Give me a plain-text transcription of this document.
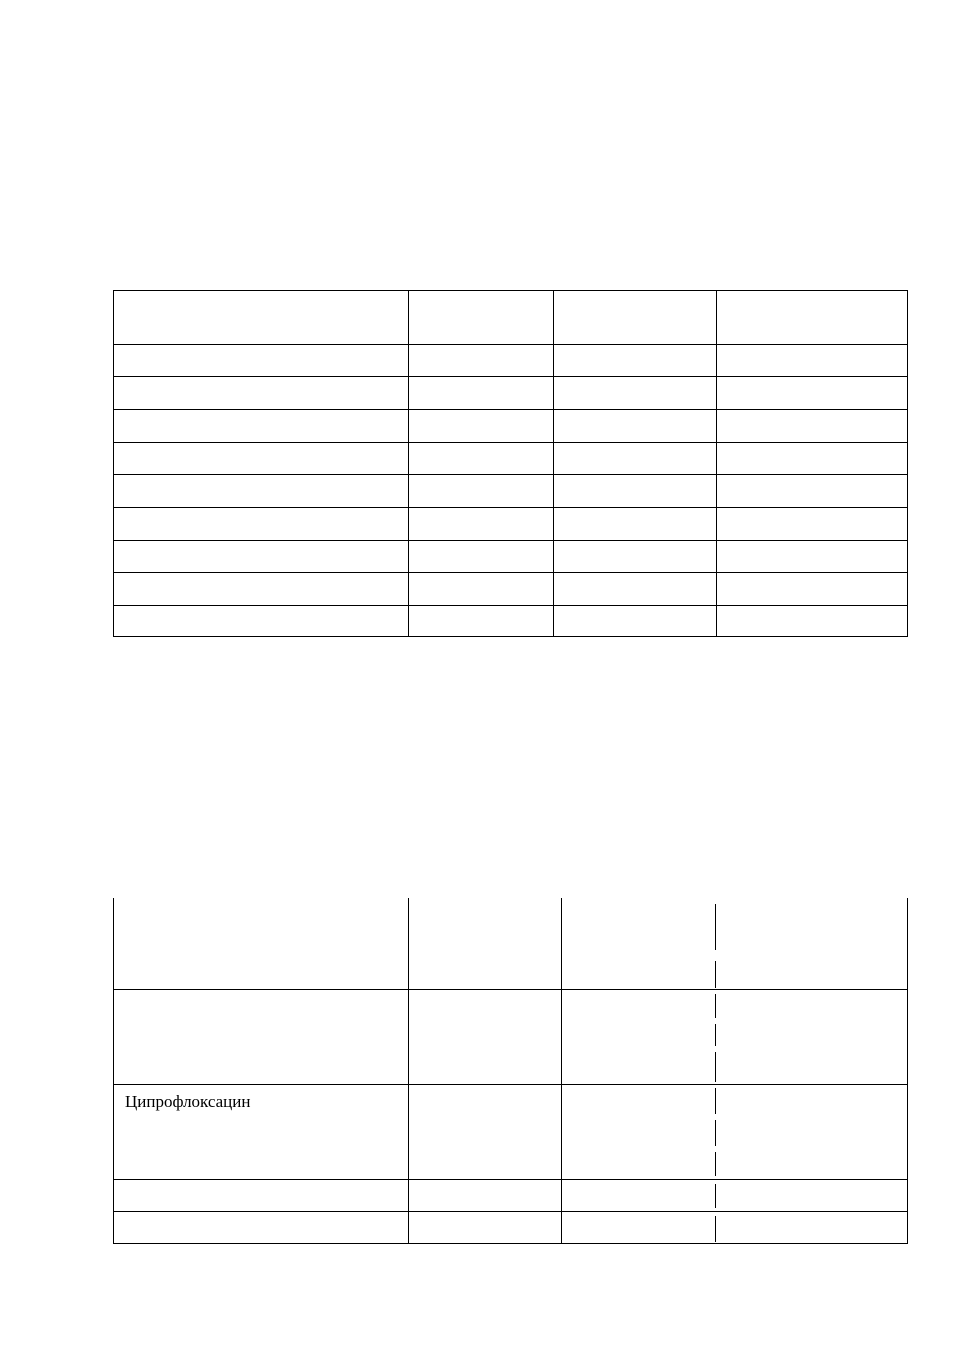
Ципрофлоксацин
